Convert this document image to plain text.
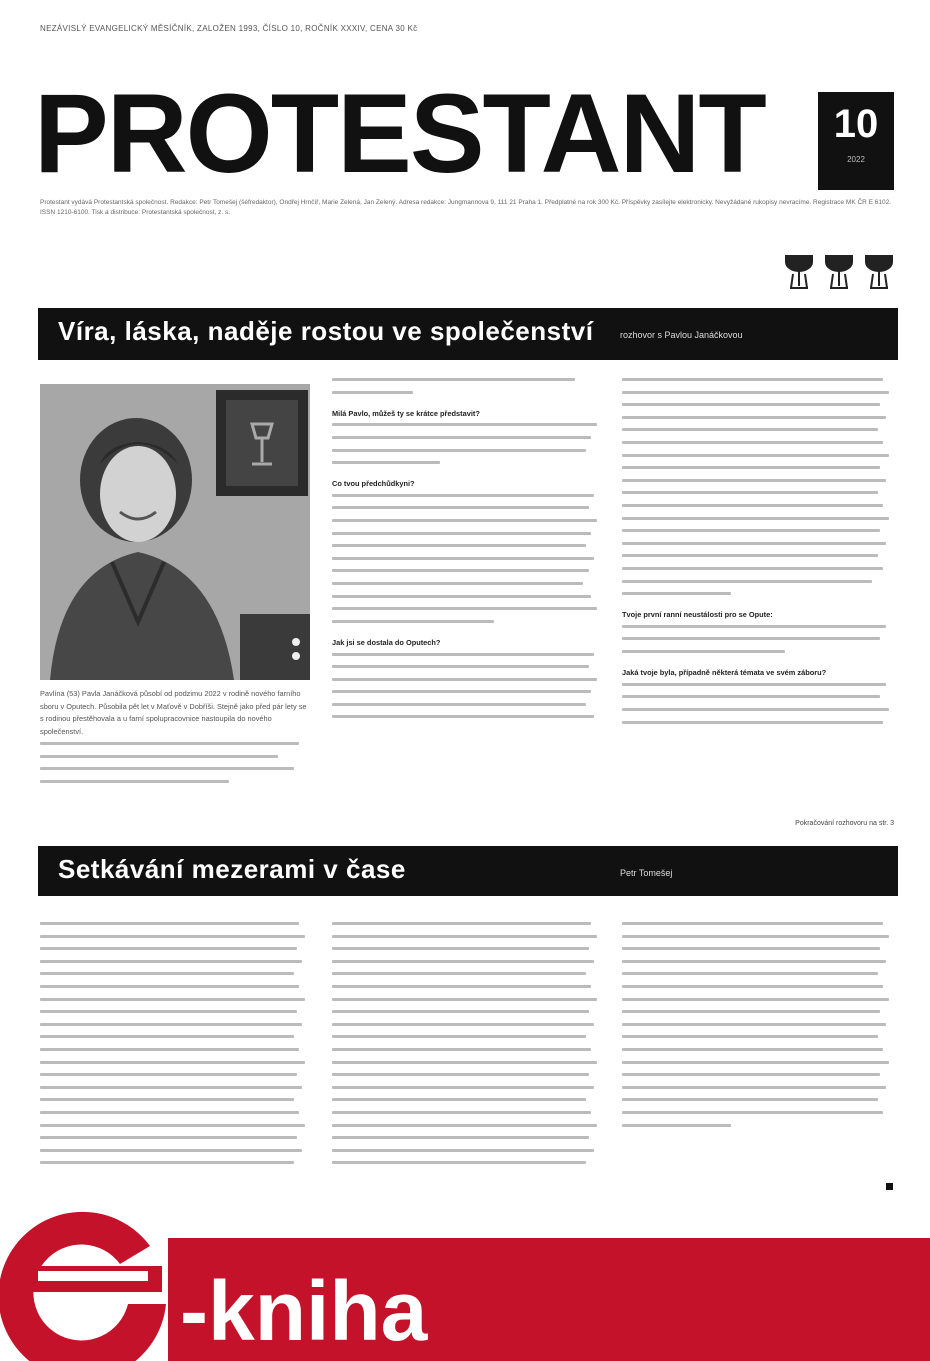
NEZÁVISLÝ EVANGELICKÝ MĚSÍČNÍK, ZALOŽEN 1993, ČÍSLO 10, ROČNÍK XXXIV, CENA 30 Kč
PROTESTANT	10
2022
Protestant vydává Protestantská společnost. Redakce: Petr Tomešej (šéfredaktor), Ondřej Hrnčíř, Marie Zelená, Jan Zelený. Adresa redakce: Jungmannova 9, 111 21 Praha 1. Předplatné na rok 300 Kč. Příspěvky zasílejte elektronicky. Nevyžádané rukopisy nevracíme. Registrace MK ČR E 6102. ISSN 1210-6100. Tisk a distribuce: Protestantská společnost, z. s.
Víra, láska, naděje rostou ve společenství	rozhovor s Pavlou Janáčkovou

Pavlína (53) Pavla Janáčková působí od podzimu 2022 v rodině nového farního sboru v Oputech. Působila pět let v Maťově v Dobříši. Stejně jako před pár lety se s rodinou přestěhovala a u farní spolupracovnice nastoupila do nového společenství.

Milá Pavlo, můžeš ty se krátce představit?

Co tvou předchůdkyni?

Jak jsi se dostala do Oputech?

Tvoje první ranní neustálosti pro se Opute:

Jaká tvoje byla, případně některá témata ve svém záboru?

Pokračování rozhovoru na str. 3
Setkávání mezerami v čase	Petr Tomešej
-kniha
